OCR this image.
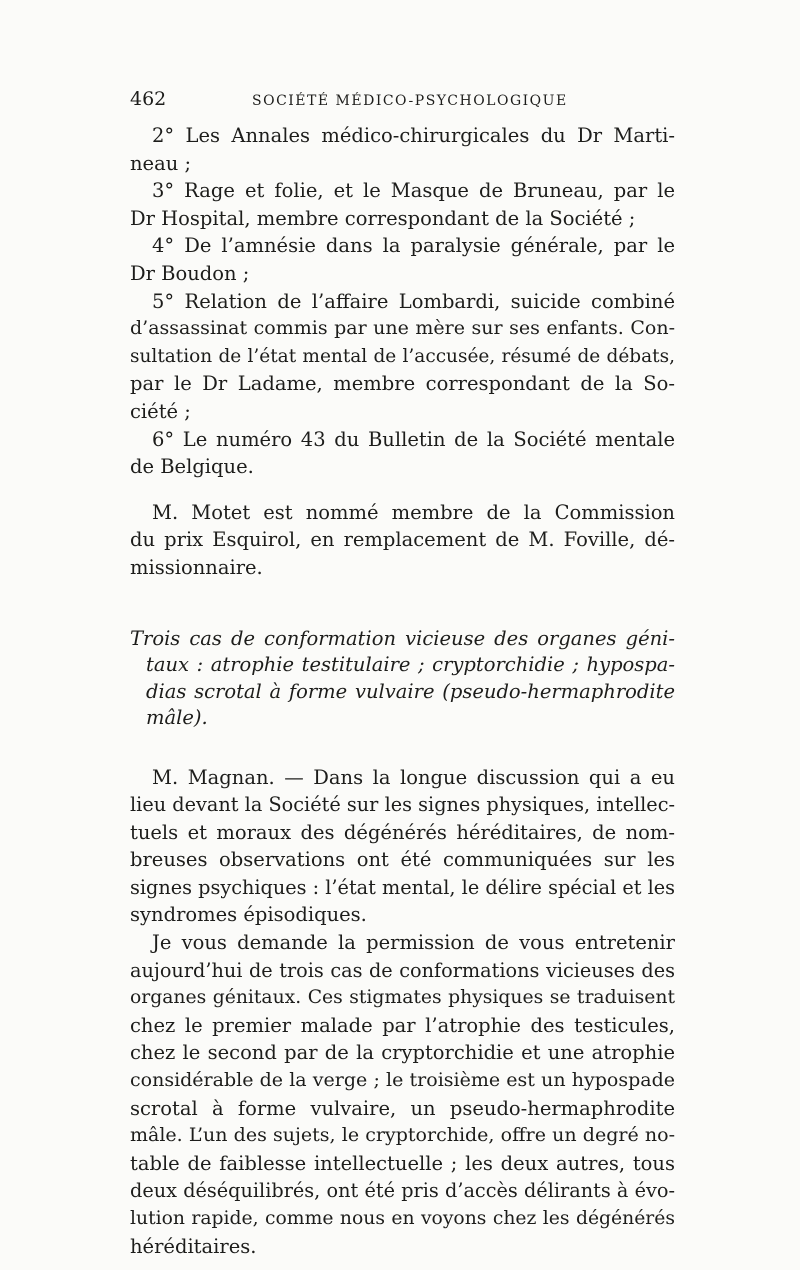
462	SOCIÉTÉ MÉDICO-PSYCHOLOGIQUE
2° Les Annales médico-chirurgicales du Dr Marti-
neau ;
3° Rage et folie, et le Masque de Bruneau, par le
Dr Hospital, membre correspondant de la Société ;
4° De l’amnésie dans la paralysie générale, par le
Dr Boudon ;
5° Relation de l’affaire Lombardi, suicide combiné
d’assassinat commis par une mère sur ses enfants. Con-
sultation de l’état mental de l’accusée, résumé de débats,
par le Dr Ladame, membre correspondant de la So-
ciété ;
6° Le numéro 43 du Bulletin de la Société mentale
de Belgique.
M. Motet est nommé membre de la Commission
du prix Esquirol, en remplacement de M. Foville, dé-
missionnaire.
Trois cas de conformation vicieuse des organes géni-
taux : atrophie testitulaire ; cryptorchidie ; hypospa-
dias scrotal à forme vulvaire (pseudo-hermaphrodite
mâle).
M. Magnan. — Dans la longue discussion qui a eu
lieu devant la Société sur les signes physiques, intellec-
tuels et moraux des dégénérés héréditaires, de nom-
breuses observations ont été communiquées sur les
signes psychiques : l’état mental, le délire spécial et les
syndromes épisodiques.
Je vous demande la permission de vous entretenir
aujourd’hui de trois cas de conformations vicieuses des
organes génitaux. Ces stigmates physiques se traduisent
chez le premier malade par l’atrophie des testicules,
chez le second par de la cryptorchidie et une atrophie
considérable de la verge ; le troisième est un hypospade
scrotal à forme vulvaire, un pseudo-hermaphrodite
mâle. L’un des sujets, le cryptorchide, offre un degré no-
table de faiblesse intellectuelle ; les deux autres, tous
deux déséquilibrés, ont été pris d’accès délirants à évo-
lution rapide, comme nous en voyons chez les dégénérés
héréditaires.
